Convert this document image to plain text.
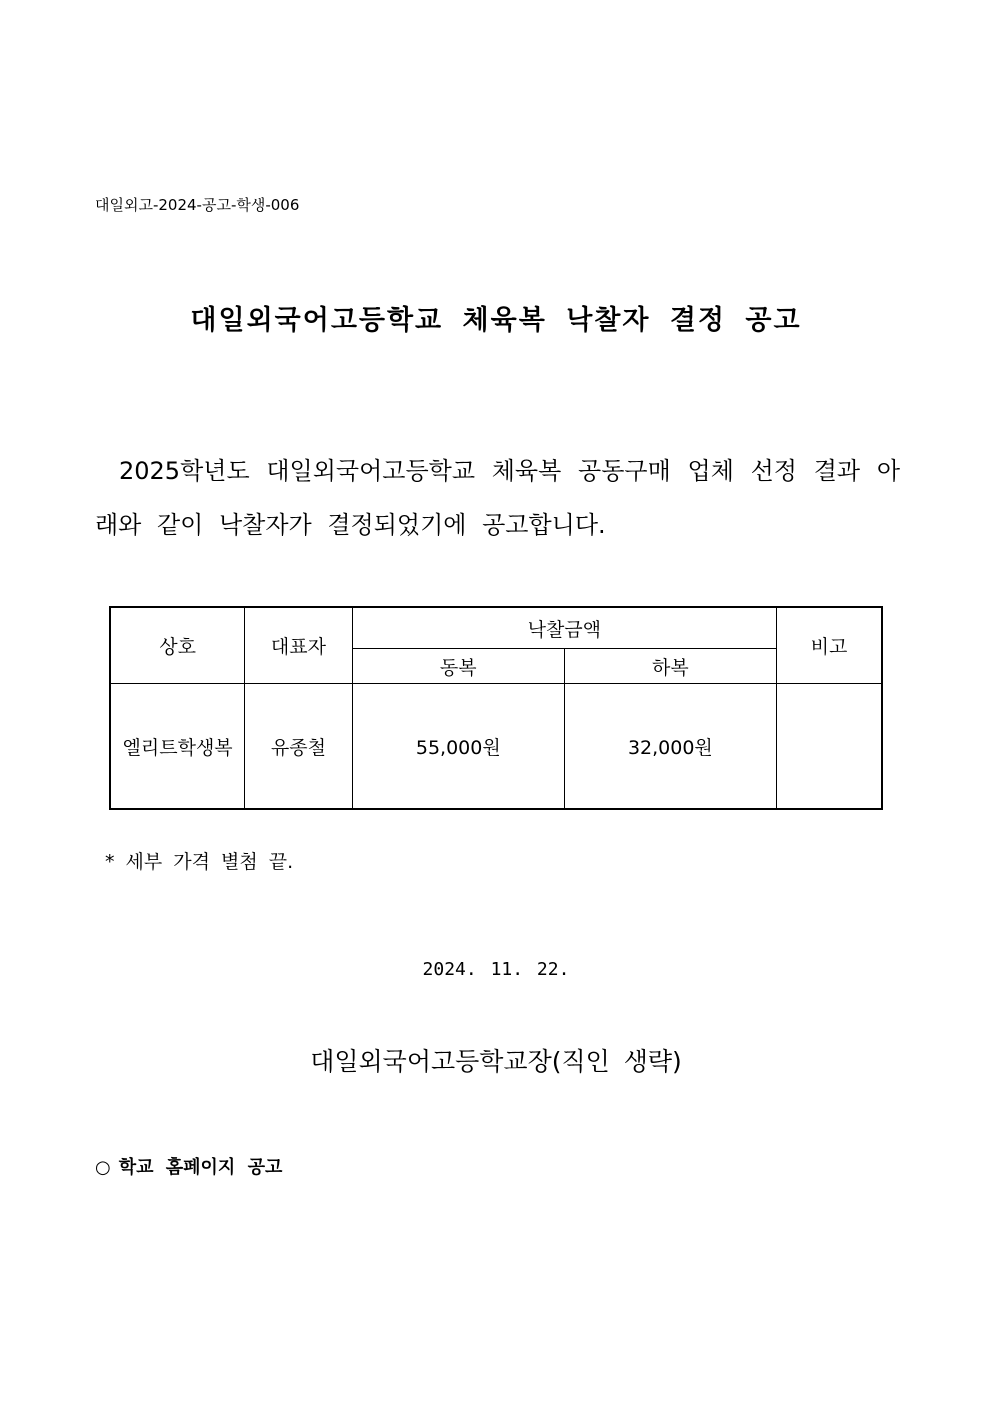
대일외고-2024-공고-학생-006
대일외국어고등학교 체육복 낙찰자 결정 공고
2025학년도 대일외국어고등학교 체육복 공동구매 업체 선정 결과 아
래와 같이 낙찰자가 결정되었기에 공고합니다.
상호	대표자	낙찰금액		비고
		동복	하복	
엘리트학생복	유종철	55,000원	32,000원	
* 세부 가격 별첨 끝.
2024. 11. 22.
대일외국어고등학교장(직인 생략)
○ 학교 홈페이지 공고
